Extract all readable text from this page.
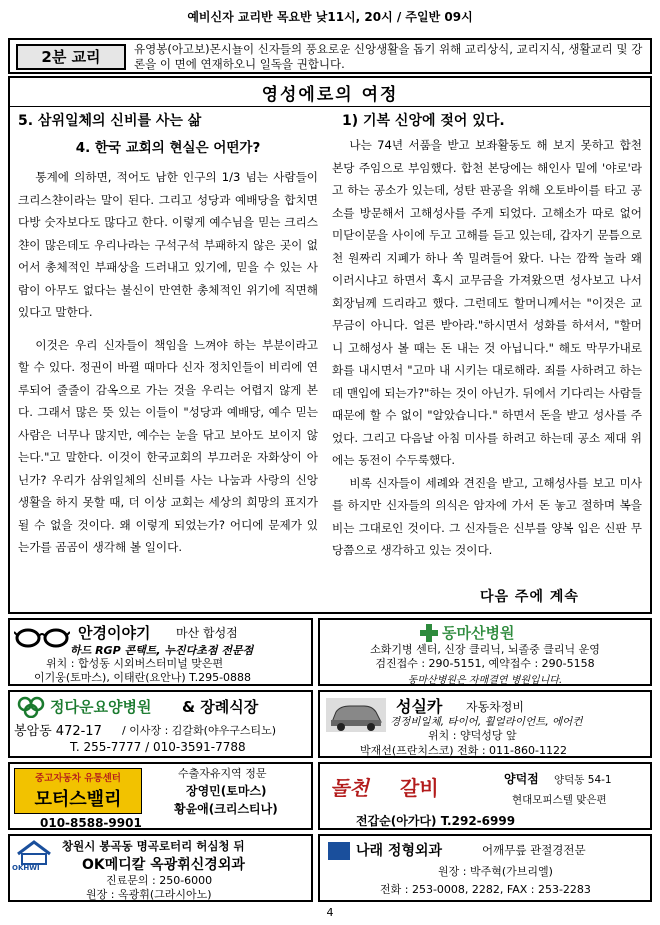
예비신자 교리반 목요반 낮11시, 20시 / 주일반 09시
2분 교리	유영봉(아고보)몬시뇰이 신자들의 풍요로운 신앙생활을 돕기 위해 교리상식, 교리지식, 생활교리 및 강론을 이 면에 연재하오니 일독을 권합니다.
영성에로의 여정
5. 삼위일체의 신비를 사는 삶
4. 한국 교회의 현실은 어떤가?

통계에 의하면, 적어도 남한 인구의 1/3 넘는 사람들이 크리스챤이라는 말이 된다. 그리고 성당과 예배당을 합치면 다방 숫자보다도 많다고 한다. 이렇게 예수님을 믿는 크리스챤이 많은데도 우리나라는 구석구석 부패하지 않은 곳이 없어서 총체적인 부패상을 드러내고 있기에, 믿을 수 있는 사람이 아무도 없다는 불신이 만연한 총체적인 위기에 직면해 있다고 말한다.

이것은 우리 신자들이 책임을 느껴야 하는 부분이라고 할 수 있다. 정권이 바뀔 때마다 신자 정치인들이 비리에 연루되어 줄줄이 감옥으로 가는 것을 우리는 어렵지 않게 본다. 그래서 많은 뜻 있는 이들이 "성당과 예배당, 예수 믿는 사람은 너무나 많지만, 예수는 눈을 닦고 보아도 보이지 않는다."고 말한다. 이것이 한국교회의 부끄러운 자화상이 아닌가? 우리가 삼위일체의 신비를 사는 나눔과 사랑의 신앙 생활을 하지 못할 때, 더 이상 교회는 세상의 희망의 표지가 될 수 없을 것이다. 왜 이렇게 되었는가? 어디에 문제가 있는가를 곰곰이 생각해 볼 일이다.

1) 기복 신앙에 젖어 있다.

나는 74년 서품을 받고 보좌활동도 해 보지 못하고 합천 본당 주임으로 부임했다. 합천 본당에는 해인사 밑에 '야로'라고 하는 공소가 있는데, 성탄 판공을 위해 오토바이를 타고 공소를 방문해서 고해성사를 주게 되었다. 고해소가 따로 없어 미닫이문을 사이에 두고 고해를 듣고 있는데, 갑자기 문틈으로 천 원짜리 지폐가 하나 쏙 밀려들어 왔다. 나는 깜짝 놀라 왜 이러시냐고 하면서 혹시 교무금을 가져왔으면 성사보고 나서 회장님께 드리라고 했다. 그런데도 할머니께서는 "이것은 교무금이 아니다. 얼른 받아라."하시면서 성화를 하셔서, "할머니 고해성사 볼 때는 돈 내는 것 아닙니다." 해도 막무가내로 화를 내시면서 "고마 내 시키는 대로해라. 죄를 사하려고 하는데 맨입에 되는가?"하는 것이 아닌가. 뒤에서 기다리는 사람들 때문에 할 수 없이 "알았습니다." 하면서 돈을 받고 성사를 주었다. 그리고 다음날 아침 미사를 하려고 하는데 공소 제대 위에는 동전이 수두룩했다.

비록 신자들이 세례와 견진을 받고, 고해성사를 보고 미사를 하지만 신자들의 의식은 암자에 가서 돈 놓고 절하며 복을 비는 그대로인 것이다. 그 신자들은 신부를 양복 입은 신판 무당쯤으로 생각하고 있는 것이다.

다음 주에 계속
안경이야기 마산 합성점
하드 RGP 콘택트, 누진다초점 전문점
위치 : 합성동 시외버스터미널 맞은편
이기웅(토마스), 이태란(요안나) T.295-0888
동마산병원
소화기병 센터, 신장 클리닉, 뇌졸중 클리닉 운영
검진접수 : 290-5151, 예약접수 : 290-5158
동마산병원은 자매결연 병원입니다.
정다운요양병원 & 장례식장
봉암동 472-17 / 이사장 : 김갈화(야우구스티노)
T. 255-7777 / 010-3591-7788
성실카 자동차정비
경정비일체, 타이어, 휠얼라이언트, 에어컨
위치 : 양덕성당 앞
박재선(프란치스코) 전화 : 011-860-1122
중고자동차 유통센터
모터스밸리
수출자유지역 정문
장영민(토마스)
황윤애(크리스티나)
010-8588-9901
돌천 갈비	양덕점 양덕동 54-1
현대모피스텔 맞은편
전갑순(아가다) T.292-6999
OKHWI
창원시 봉곡동 명곡로터리 허심청 뒤
OK메디칼 옥광휘신경외과
진료문의 : 250-6000
원장 : 옥광휘(그라시아노)
나래 정형외과	어깨무릎 관절경전문
원장 : 박주혁(가브리엘)
전화 : 253-0008, 2282, FAX : 253-2283
4
